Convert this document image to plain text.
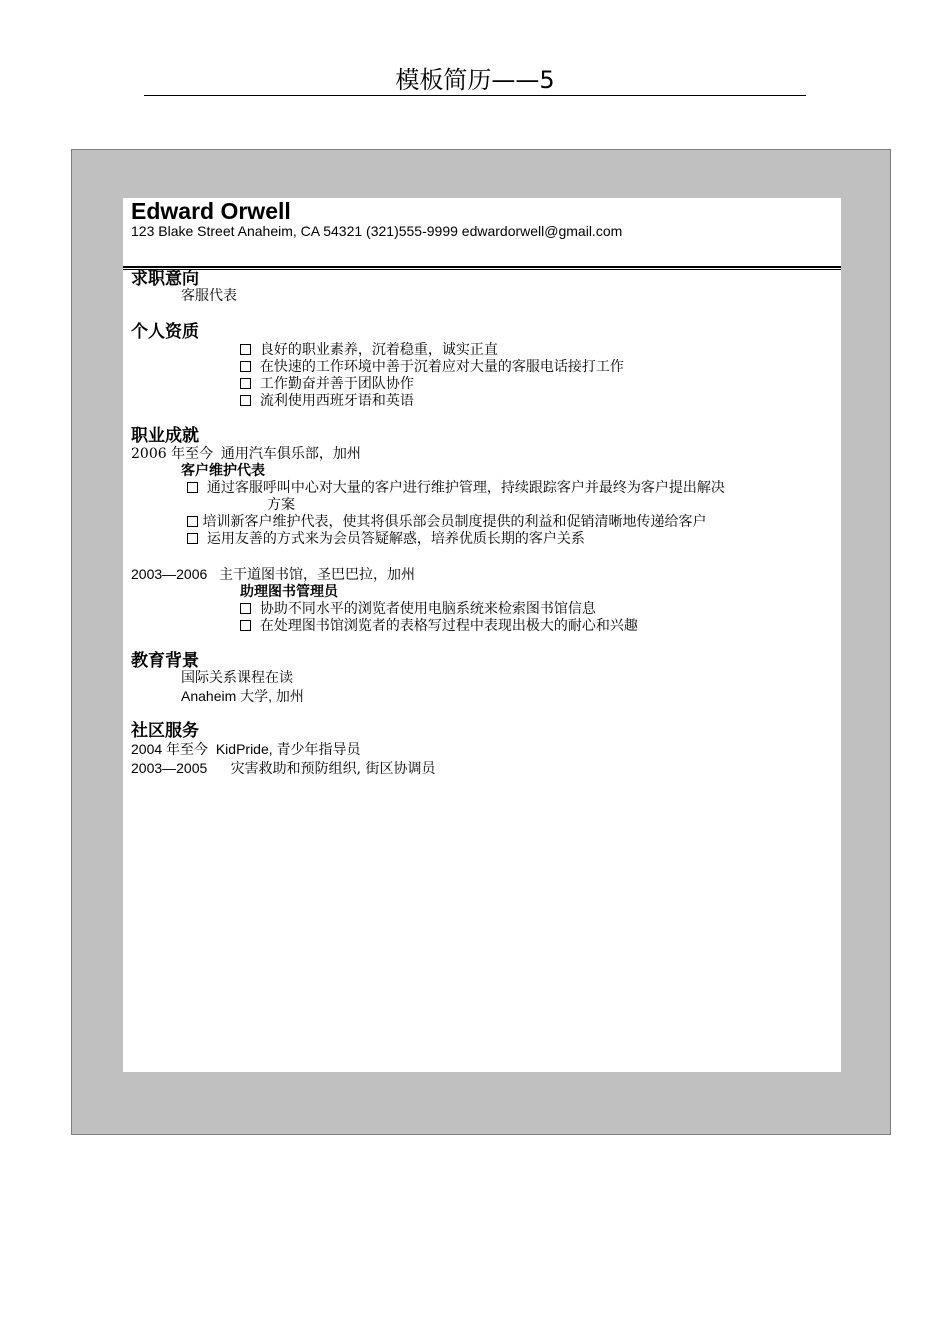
模板简历——5
Edward Orwell
123 Blake Street Anaheim, CA 54321 (321)555-9999 edwardorwell@gmail.com
求职意向
客服代表
个人资质
良好的职业素养，沉着稳重，诚实正直
在快速的工作环境中善于沉着应对大量的客服电话接打工作
工作勤奋并善于团队协作
流利使用西班牙语和英语
职业成就
2006 年至今 通用汽车俱乐部，加州
客户维护代表
通过客服呼叫中心对大量的客户进行维护管理，持续跟踪客户并最终为客户提出解决
方案
培训新客户维护代表，使其将俱乐部会员制度提供的利益和促销清晰地传递给客户
运用友善的方式来为会员答疑解惑，培养优质长期的客户关系
2003—2006 主干道图书馆，圣巴巴拉，加州
助理图书管理员
协助不同水平的浏览者使用电脑系统来检索图书馆信息
在处理图书馆浏览者的表格写过程中表现出极大的耐心和兴趣
教育背景
国际关系课程在读
Anaheim 大学, 加州
社区服务
2004 年至今 KidPride, 青少年指导员
2003—2005 灾害救助和预防组织, 街区协调员
